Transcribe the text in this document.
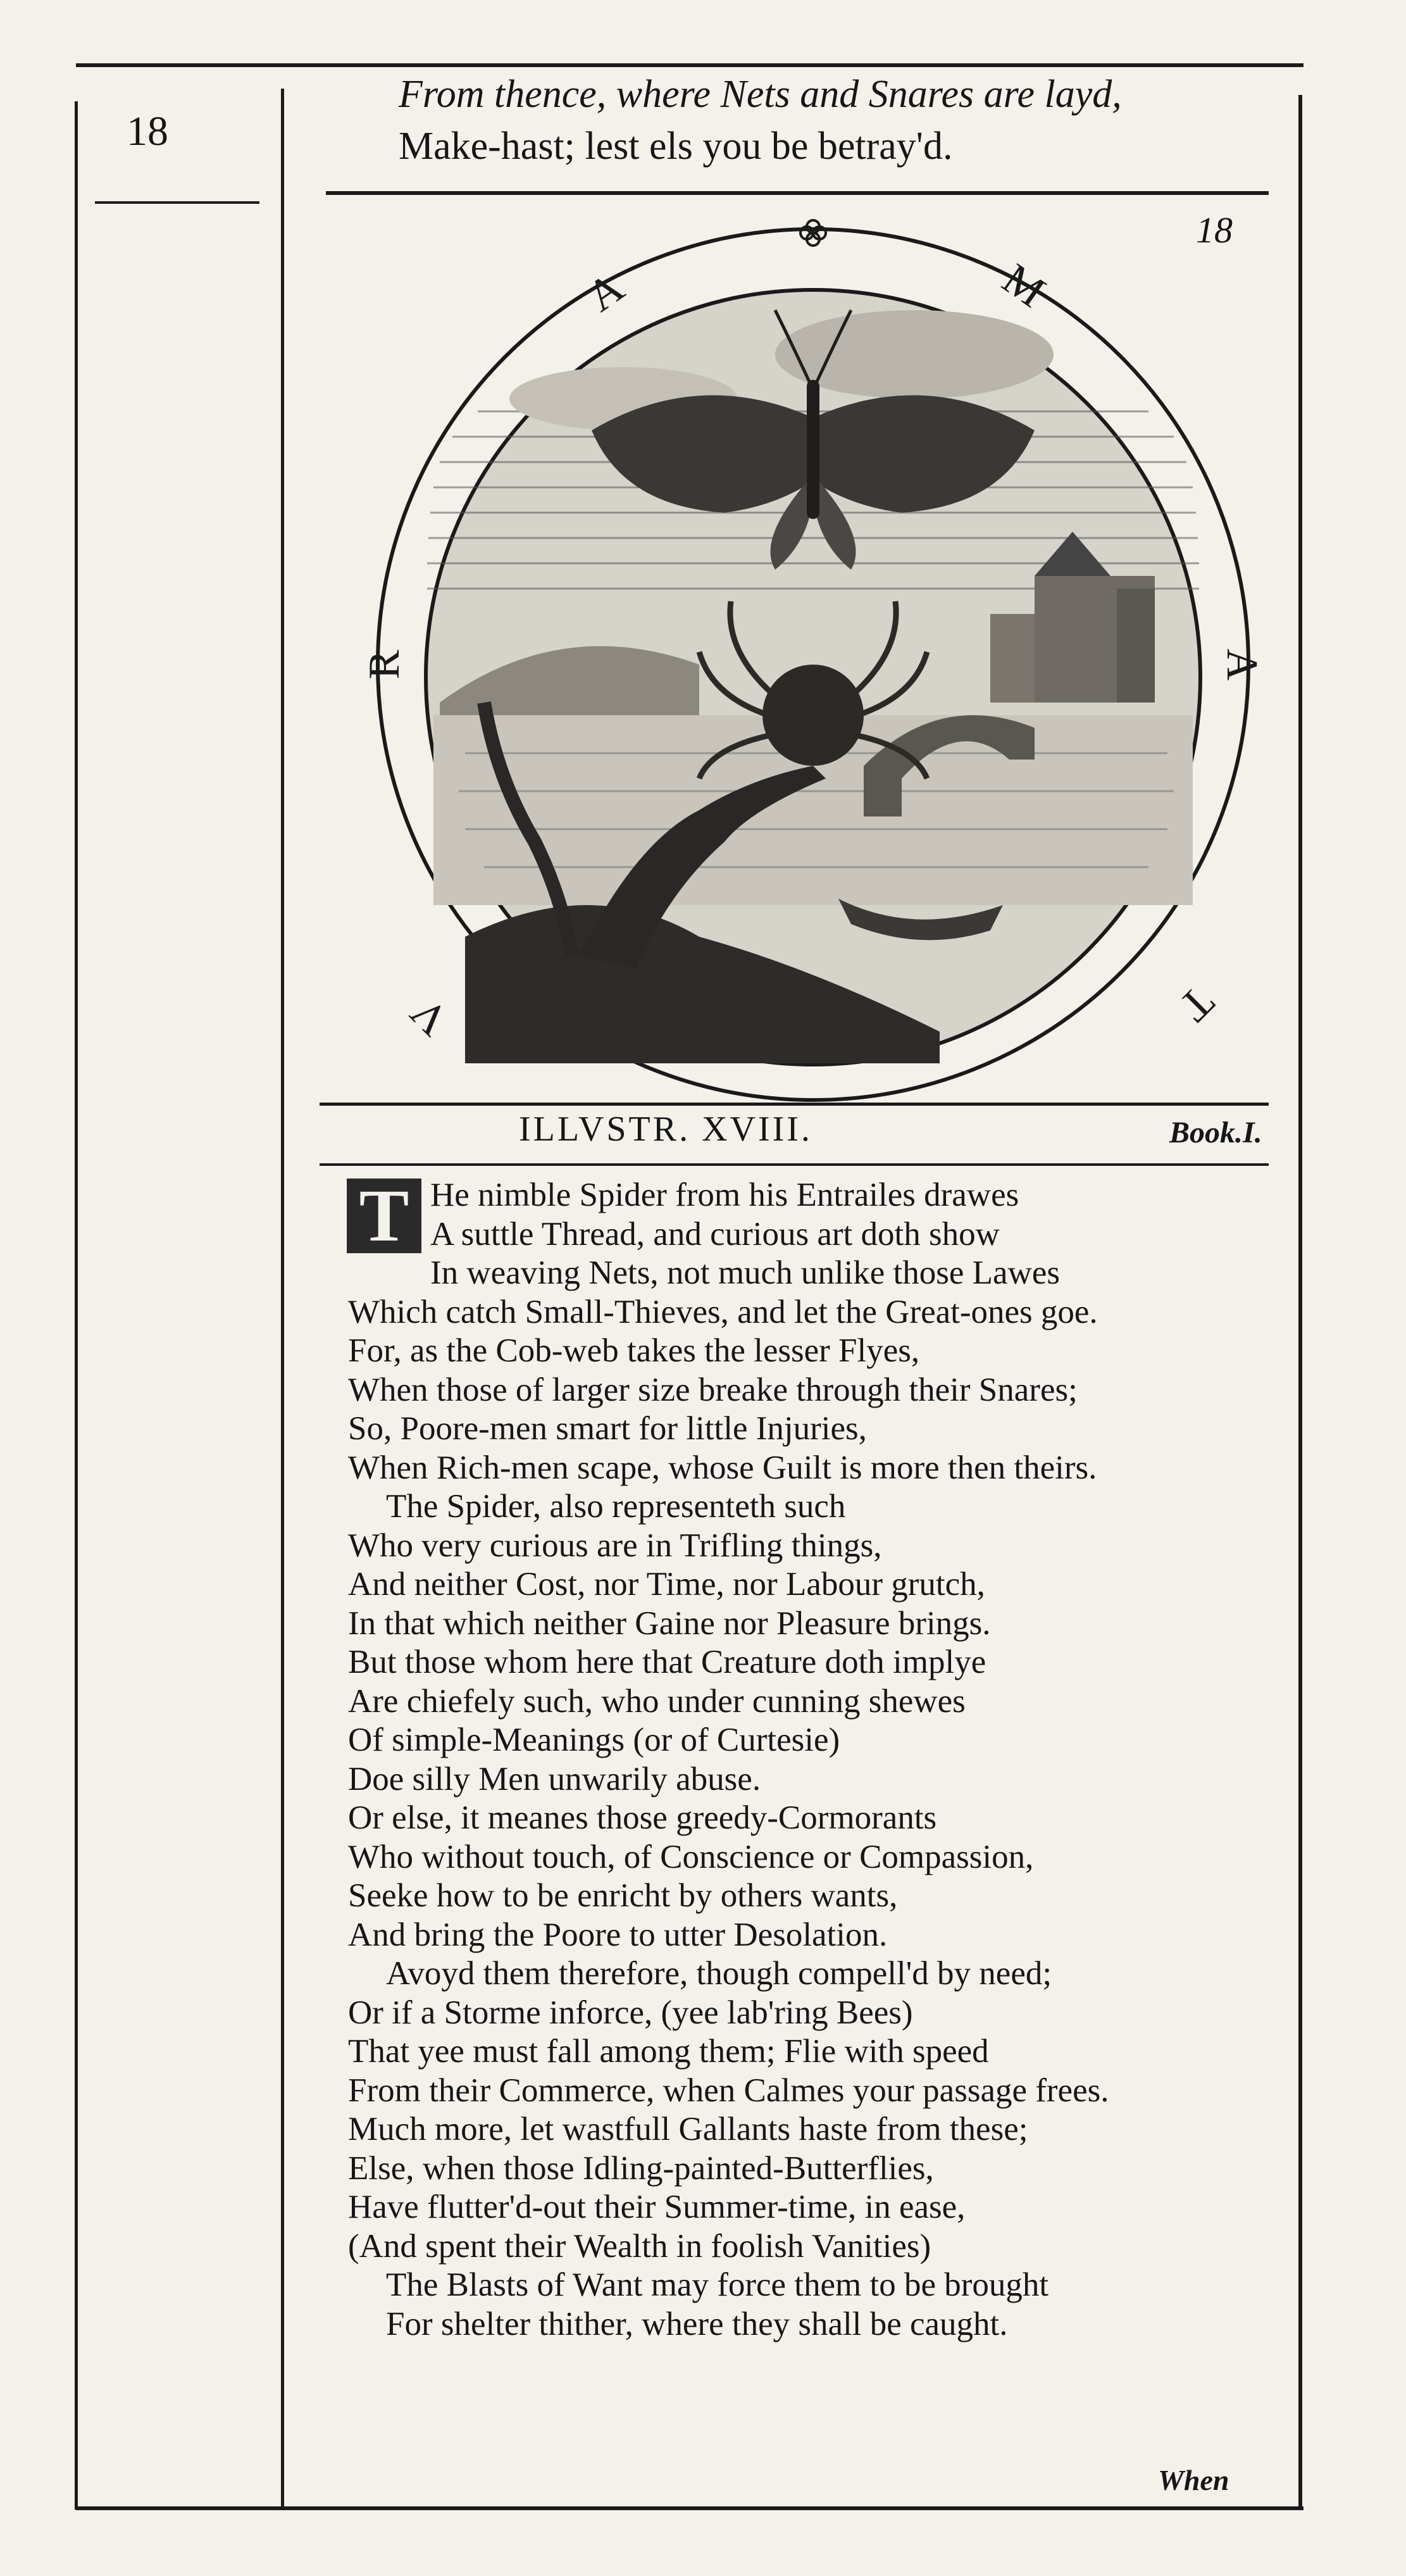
18
From thence, where Nets and Snares are layd,
Make-hast; lest els you be betray'd.
18
A	M
R	A
V	T
ILLVSTR. XVIII.	Book.I.
T He nimble Spider from his Entrailes drawes
A suttle Thread, and curious art doth show
In weaving Nets, not much unlike those Lawes
Which catch Small-Thieves, and let the Great-ones goe.
For, as the Cob-web takes the lesser Flyes,
When those of larger size breake through their Snares;
So, Poore-men smart for little Injuries,
When Rich-men scape, whose Guilt is more then theirs.
The Spider, also representeth such
Who very curious are in Trifling things,
And neither Cost, nor Time, nor Labour grutch,
In that which neither Gaine nor Pleasure brings.
But those whom here that Creature doth implye
Are chiefely such, who under cunning shewes
Of simple-Meanings (or of Curtesie)
Doe silly Men unwarily abuse.
Or else, it meanes those greedy-Cormorants
Who without touch, of Conscience or Compassion,
Seeke how to be enricht by others wants,
And bring the Poore to utter Desolation.
Avoyd them therefore, though compell'd by need;
Or if a Storme inforce, (yee lab'ring Bees)
That yee must fall among them; Flie with speed
From their Commerce, when Calmes your passage frees.
Much more, let wastfull Gallants haste from these;
Else, when those Idling-painted-Butterflies,
Have flutter'd-out their Summer-time, in ease,
(And spent their Wealth in foolish Vanities)
The Blasts of Want may force them to be brought
For shelter thither, where they shall be caught.
When
